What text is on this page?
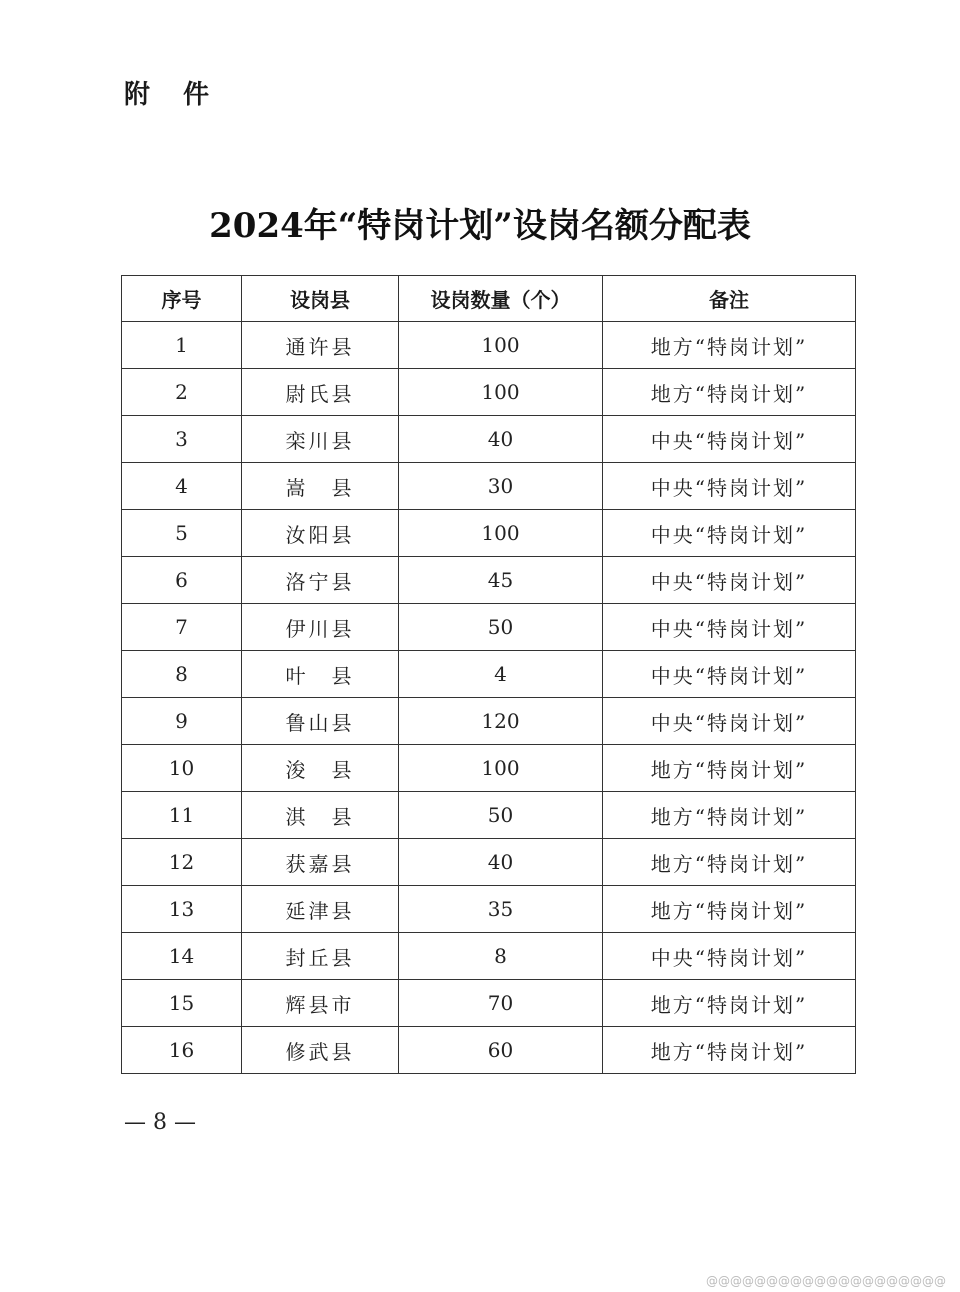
附 件
2024年“特岗计划”设岗名额分配表
序号	设岗县	设岗数量（个）	备注
1	通许县	100	地方“特岗计划”
2	尉氏县	100	地方“特岗计划”
3	栾川县	40	中央“特岗计划”
4	嵩　县	30	中央“特岗计划”
5	汝阳县	100	中央“特岗计划”
6	洛宁县	45	中央“特岗计划”
7	伊川县	50	中央“特岗计划”
8	叶　县	4	中央“特岗计划”
9	鲁山县	120	中央“特岗计划”
10	浚　县	100	地方“特岗计划”
11	淇　县	50	地方“特岗计划”
12	获嘉县	40	地方“特岗计划”
13	延津县	35	地方“特岗计划”
14	封丘县	8	中央“特岗计划”
15	辉县市	70	地方“特岗计划”
16	修武县	60	地方“特岗计划”
— 8 —
@@@@@@@@@@@@@@@@@@@@
